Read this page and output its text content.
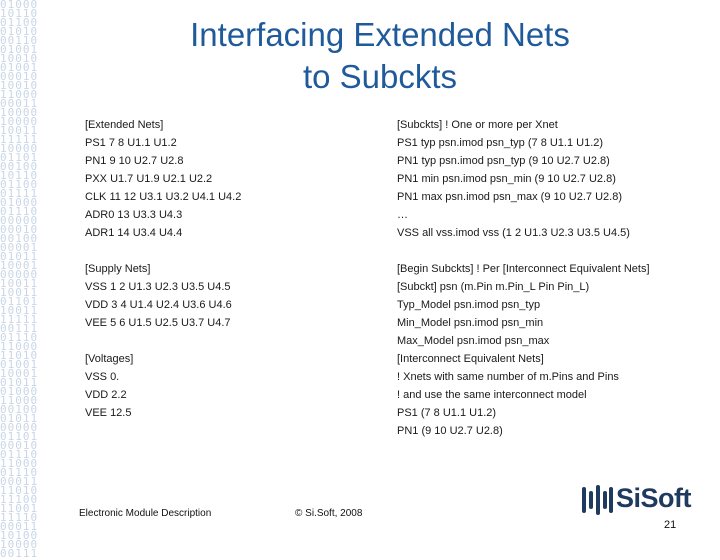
01000
10110
01100
01010
00110
01001
10010
01001
00010
10010
11000
00011
10000
10000
10011
11111
10000
01101
00100
10110
01100
01111
01000
01110
00000
00010
00100
00001
01011
10001
00000
10011
10011
01101
10011
11111
00111
01110
11000
11010
01001
10001
01011
01000
11000
00100
01011
00000
01101
00010
01110
11000
01110
00011
11010
11100
11001
11110
00011
10100
10000
00111

Interfacing Extended Nets
to Subckts
[Extended Nets]
PS1 7 8 U1.1 U1.2
PN1 9 10 U2.7 U2.8
PXX U1.7 U1.9 U2.1 U2.2
CLK 11 12 U3.1 U3.2 U4.1 U4.2
ADR0 13 U3.3 U4.3
ADR1 14 U3.4 U4.4
[Supply Nets]
VSS 1 2 U1.3 U2.3 U3.5 U4.5
VDD 3 4 U1.4 U2.4 U3.6 U4.6
VEE 5 6 U1.5 U2.5 U3.7 U4.7
[Voltages]
VSS 0.
VDD 2.2
VEE 12.5
[Subckts] ! One or more per Xnet
PS1 typ psn.imod psn_typ (7 8 U1.1 U1.2)
PN1 typ psn.imod psn_typ (9 10 U2.7 U2.8)
PN1 min psn.imod psn_min (9 10 U2.7 U2.8)
PN1 max psn.imod psn_max (9 10 U2.7 U2.8)
…
VSS all vss.imod vss (1 2 U1.3 U2.3 U3.5 U4.5)
[Begin Subckts] ! Per [Interconnect Equivalent Nets]
[Subckt] psn (m.Pin m.Pin_L Pin Pin_L)
Typ_Model psn.imod psn_typ
Min_Model psn.imod psn_min
Max_Model psn.imod psn_max
[Interconnect Equivalent Nets]
! Xnets with same number of m.Pins and Pins
! and use the same interconnect model
PS1 (7 8 U1.1 U1.2)
PN1 (9 10 U2.7 U2.8)
Electronic Module Description	© Si.Soft, 2008
21
SiSoft
